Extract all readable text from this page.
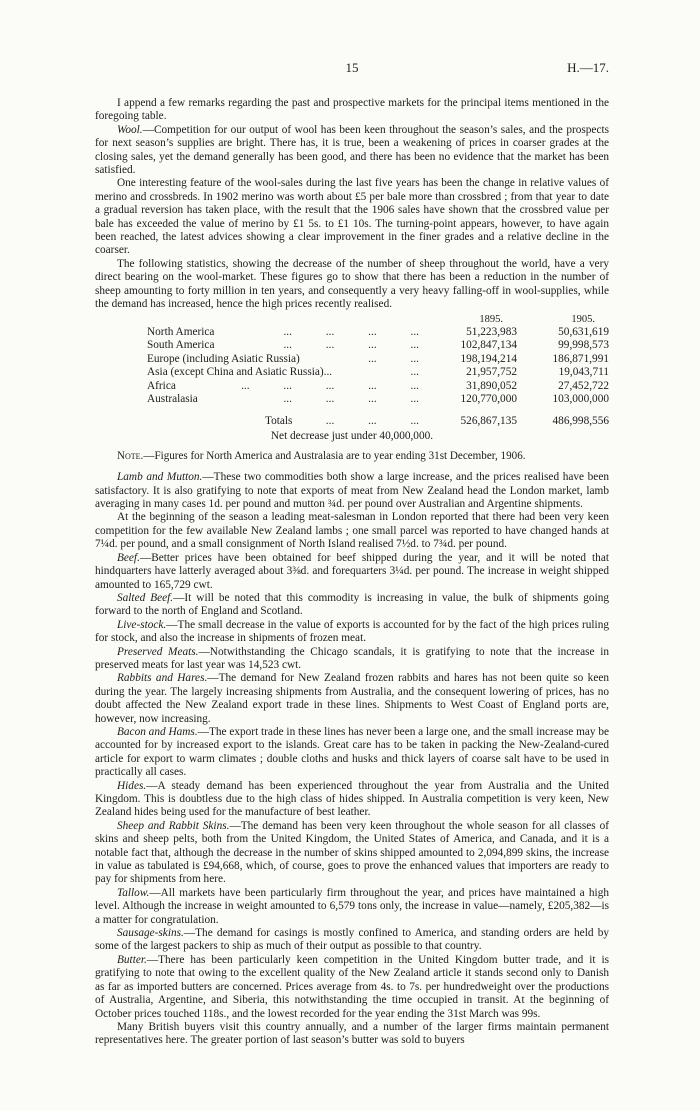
15	H.—17.

I append a few remarks regarding the past and prospective markets for the principal items mentioned in the foregoing table.

Wool.—Competition for our output of wool has been keen throughout the season’s sales, and the prospects for next season’s supplies are bright. There has, it is true, been a weakening of prices in coarser grades at the closing sales, yet the demand generally has been good, and there has been no evidence that the market has been satisfied.

One interesting feature of the wool-sales during the last five years has been the change in relative values of merino and crossbreds. In 1902 merino was worth about £5 per bale more than crossbred ; from that year to date a gradual reversion has taken place, with the result that the 1906 sales have shown that the crossbred value per bale has exceeded the value of merino by £1 5s. to £1 10s. The turning-point appears, however, to have again been reached, the latest advices showing a clear improvement in the finer grades and a relative decline in the coarser.

The following statistics, showing the decrease of the number of sheep throughout the world, have a very direct bearing on the wool-market. These figures go to show that there has been a reduction in the number of sheep amounting to forty million in ten years, and consequently a very heavy falling-off in wool-supplies, while the demand has increased, hence the high prices recently realised.

1895.	1905.
North America	...   ...   ...   ...	51,223,983	50,631,619
South America	...   ...   ...   ...	102,847,134	99,998,573
Europe (including Asiatic Russia)	...   ...	198,194,214	186,871,991
Asia (except China and Asiatic Russia)...	...	21,957,752	19,043,711
Africa	...   ...   ...   ...   ...	31,890,052	27,452,722
Australasia	...   ...   ...   ...	120,770,000	103,000,000
Totals	...   ...   ...	526,867,135	486,998,556

Net decrease just under 40,000,000.

Note.—Figures for North America and Australasia are to year ending 31st December, 1906.

Lamb and Mutton.—These two commodities both show a large increase, and the prices realised have been satisfactory. It is also gratifying to note that exports of meat from New Zealand head the London market, lamb averaging in many cases 1d. per pound and mutton ¾d. per pound over Australian and Argentine shipments.

At the beginning of the season a leading meat-salesman in London reported that there had been very keen competition for the few available New Zealand lambs ; one small parcel was reported to have changed hands at 7¼d. per pound, and a small consignment of North Island realised 7½d. to 7¾d. per pound.

Beef.—Better prices have been obtained for beef shipped during the year, and it will be noted that hindquarters have latterly averaged about 3⅜d. and forequarters 3¼d. per pound. The increase in weight shipped amounted to 165,729 cwt.

Salted Beef.—It will be noted that this commodity is increasing in value, the bulk of shipments going forward to the north of England and Scotland.

Live-stock.—The small decrease in the value of exports is accounted for by the fact of the high prices ruling for stock, and also the increase in shipments of frozen meat.

Preserved Meats.—Notwithstanding the Chicago scandals, it is gratifying to note that the increase in preserved meats for last year was 14,523 cwt.

Rabbits and Hares.—The demand for New Zealand frozen rabbits and hares has not been quite so keen during the year. The largely increasing shipments from Australia, and the consequent lowering of prices, has no doubt affected the New Zealand export trade in these lines. Shipments to West Coast of England ports are, however, now increasing.

Bacon and Hams.—The export trade in these lines has never been a large one, and the small increase may be accounted for by increased export to the islands. Great care has to be taken in packing the New-Zealand-cured article for export to warm climates ; double cloths and husks and thick layers of coarse salt have to be used in practically all cases.

Hides.—A steady demand has been experienced throughout the year from Australia and the United Kingdom. This is doubtless due to the high class of hides shipped. In Australia competition is very keen, New Zealand hides being used for the manufacture of best leather.

Sheep and Rabbit Skins.—The demand has been very keen throughout the whole season for all classes of skins and sheep pelts, both from the United Kingdom, the United States of America, and Canada, and it is a notable fact that, although the decrease in the number of skins shipped amounted to 2,094,899 skins, the increase in value as tabulated is £94,668, which, of course, goes to prove the enhanced values that importers are ready to pay for shipments from here.

Tallow.—All markets have been particularly firm throughout the year, and prices have maintained a high level. Although the increase in weight amounted to 6,579 tons only, the increase in value—namely, £205,382—is a matter for congratulation.

Sausage-skins.—The demand for casings is mostly confined to America, and standing orders are held by some of the largest packers to ship as much of their output as possible to that country.

Butter.—There has been particularly keen competition in the United Kingdom butter trade, and it is gratifying to note that owing to the excellent quality of the New Zealand article it stands second only to Danish as far as imported butters are concerned. Prices average from 4s. to 7s. per hundredweight over the productions of Australia, Argentine, and Siberia, this notwithstanding the time occupied in transit. At the beginning of October prices touched 118s., and the lowest recorded for the year ending the 31st March was 99s.

Many British buyers visit this country annually, and a number of the larger firms maintain permanent representatives here. The greater portion of last season’s butter was sold to buyers
